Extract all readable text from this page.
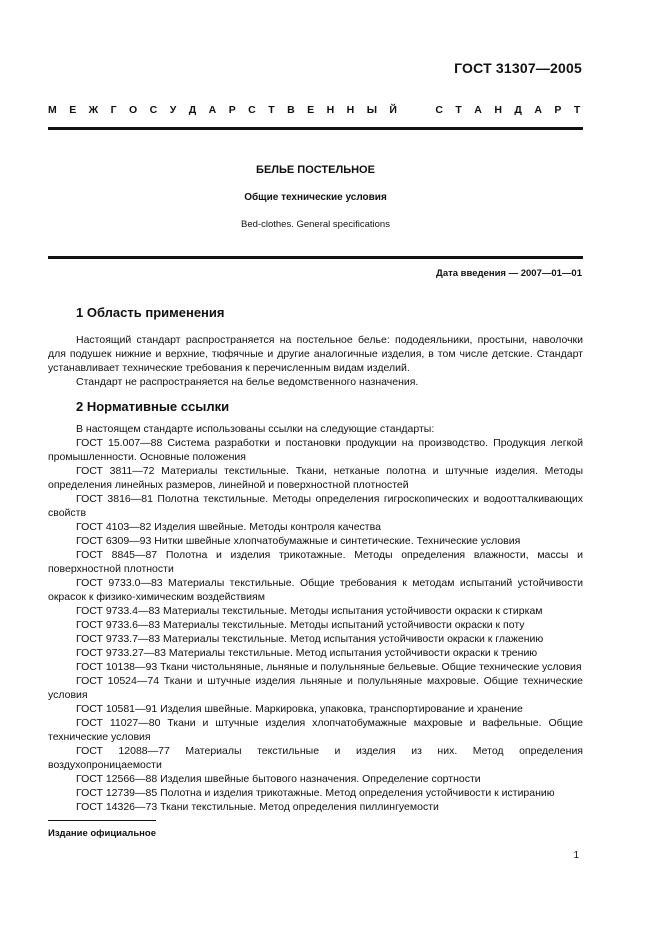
ГОСТ 31307—2005
М Е Ж Г О С У Д А Р С Т В Е Н Н Ы Й	С Т А Н Д А Р Т
БЕЛЬЕ ПОСТЕЛЬНОЕ
Общие технические условия
Bed-clothes. General specifications
Дата введения — 2007—01—01
1 Область применения

Настоящий стандарт распространяется на постельное белье: пододеяльники, простыни, наволочки для подушек нижние и верхние, тюфячные и другие аналогичные изделия, в том числе детские. Стандарт устанавливает технические требования к перечисленным видам изделий.

Стандарт не распространяется на белье ведомственного назначения.

2 Нормативные ссылки

В настоящем стандарте использованы ссылки на следующие стандарты:

ГОСТ 15.007—88 Система разработки и постановки продукции на производство. Продукция легкой промышленности. Основные положения

ГОСТ 3811—72 Материалы текстильные. Ткани, нетканые полотна и штучные изделия. Методы определения линейных размеров, линейной и поверхностной плотностей

ГОСТ 3816—81 Полотна текстильные. Методы определения гигроскопических и водоотталкивающих свойств

ГОСТ 4103—82 Изделия швейные. Методы контроля качества

ГОСТ 6309—93 Нитки швейные хлопчатобумажные и синтетические. Технические условия

ГОСТ 8845—87 Полотна и изделия трикотажные. Методы определения влажности, массы и поверхностной плотности

ГОСТ 9733.0—83 Материалы текстильные. Общие требования к методам испытаний устойчивости окрасок к физико-химическим воздействиям

ГОСТ 9733.4—83 Материалы текстильные. Методы испытания устойчивости окраски к стиркам

ГОСТ 9733.6—83 Материалы текстильные. Методы испытаний устойчивости окраски к поту

ГОСТ 9733.7—83 Материалы текстильные. Метод испытания устойчивости окраски к глажению

ГОСТ 9733.27—83 Материалы текстильные. Метод испытания устойчивости окраски к трению

ГОСТ 10138—93 Ткани чистольняные, льняные и полульняные бельевые. Общие технические условия

ГОСТ 10524—74 Ткани и штучные изделия льняные и полульняные махровые. Общие технические условия

ГОСТ 10581—91 Изделия швейные. Маркировка, упаковка, транспортирование и хранение

ГОСТ 11027—80 Ткани и штучные изделия хлопчатобумажные махровые и вафельные. Общие технические условия

ГОСТ 12088—77 Материалы текстильные и изделия из них. Метод определения воздухопроницаемости

ГОСТ 12566—88 Изделия швейные бытового назначения. Определение сортности

ГОСТ 12739—85 Полотна и изделия трикотажные. Метод определения устойчивости к истиранию

ГОСТ 14326—73 Ткани текстильные. Метод определения пиллингуемости

Издание официальное
1
